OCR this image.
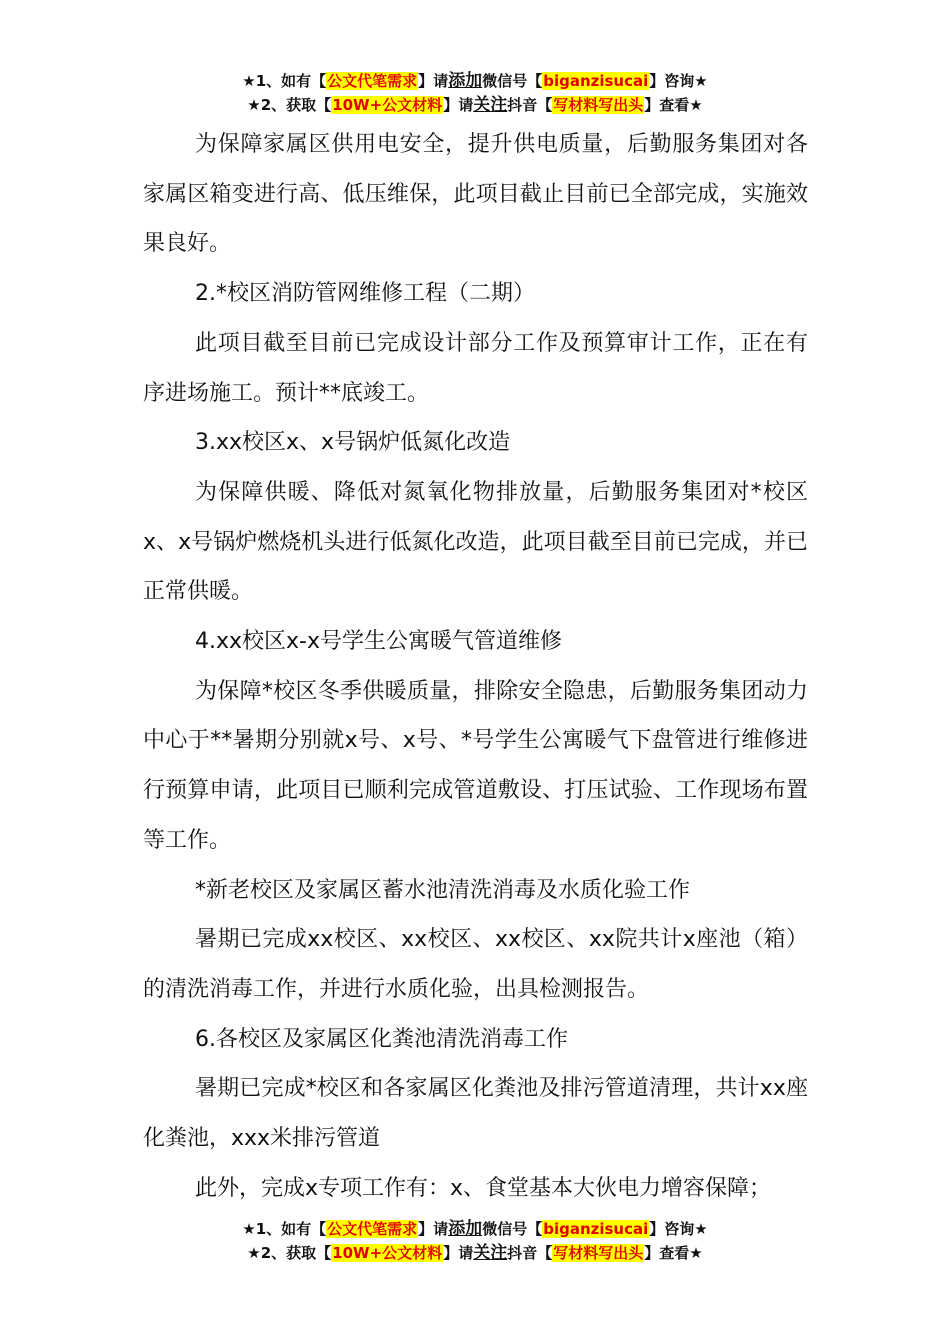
★1、如有【公文代笔需求】请添加微信号【biganzisucai】咨询★
★2、获取【10W+公文材料】请关注抖音【写材料写出头】查看★

为保障家属区供用电安全，提升供电质量，后勤服务集团对各家属区箱变进行高、低压维保，此项目截止目前已全部完成，实施效果良好。

2.*校区消防管网维修工程（二期）

此项目截至目前已完成设计部分工作及预算审计工作，正在有序进场施工。预计**底竣工。

3.xx校区x、x号锅炉低氮化改造

为保障供暖、降低对氮氧化物排放量，后勤服务集团对*校区x、x号锅炉燃烧机头进行低氮化改造，此项目截至目前已完成，并已正常供暖。

4.xx校区x-x号学生公寓暖气管道维修

为保障*校区冬季供暖质量，排除安全隐患，后勤服务集团动力中心于**暑期分别就x号、x号、*号学生公寓暖气下盘管进行维修进行预算申请，此项目已顺利完成管道敷设、打压试验、工作现场布置等工作。

*新老校区及家属区蓄水池清洗消毒及水质化验工作

暑期已完成xx校区、xx校区、xx校区、xx院共计x座池（箱）的清洗消毒工作，并进行水质化验，出具检测报告。

6.各校区及家属区化粪池清洗消毒工作

暑期已完成*校区和各家属区化粪池及排污管道清理，共计xx座化粪池，xxx米排污管道

此外，完成x专项工作有：x、食堂基本大伙电力增容保障；

★1、如有【公文代笔需求】请添加微信号【biganzisucai】咨询★
★2、获取【10W+公文材料】请关注抖音【写材料写出头】查看★
